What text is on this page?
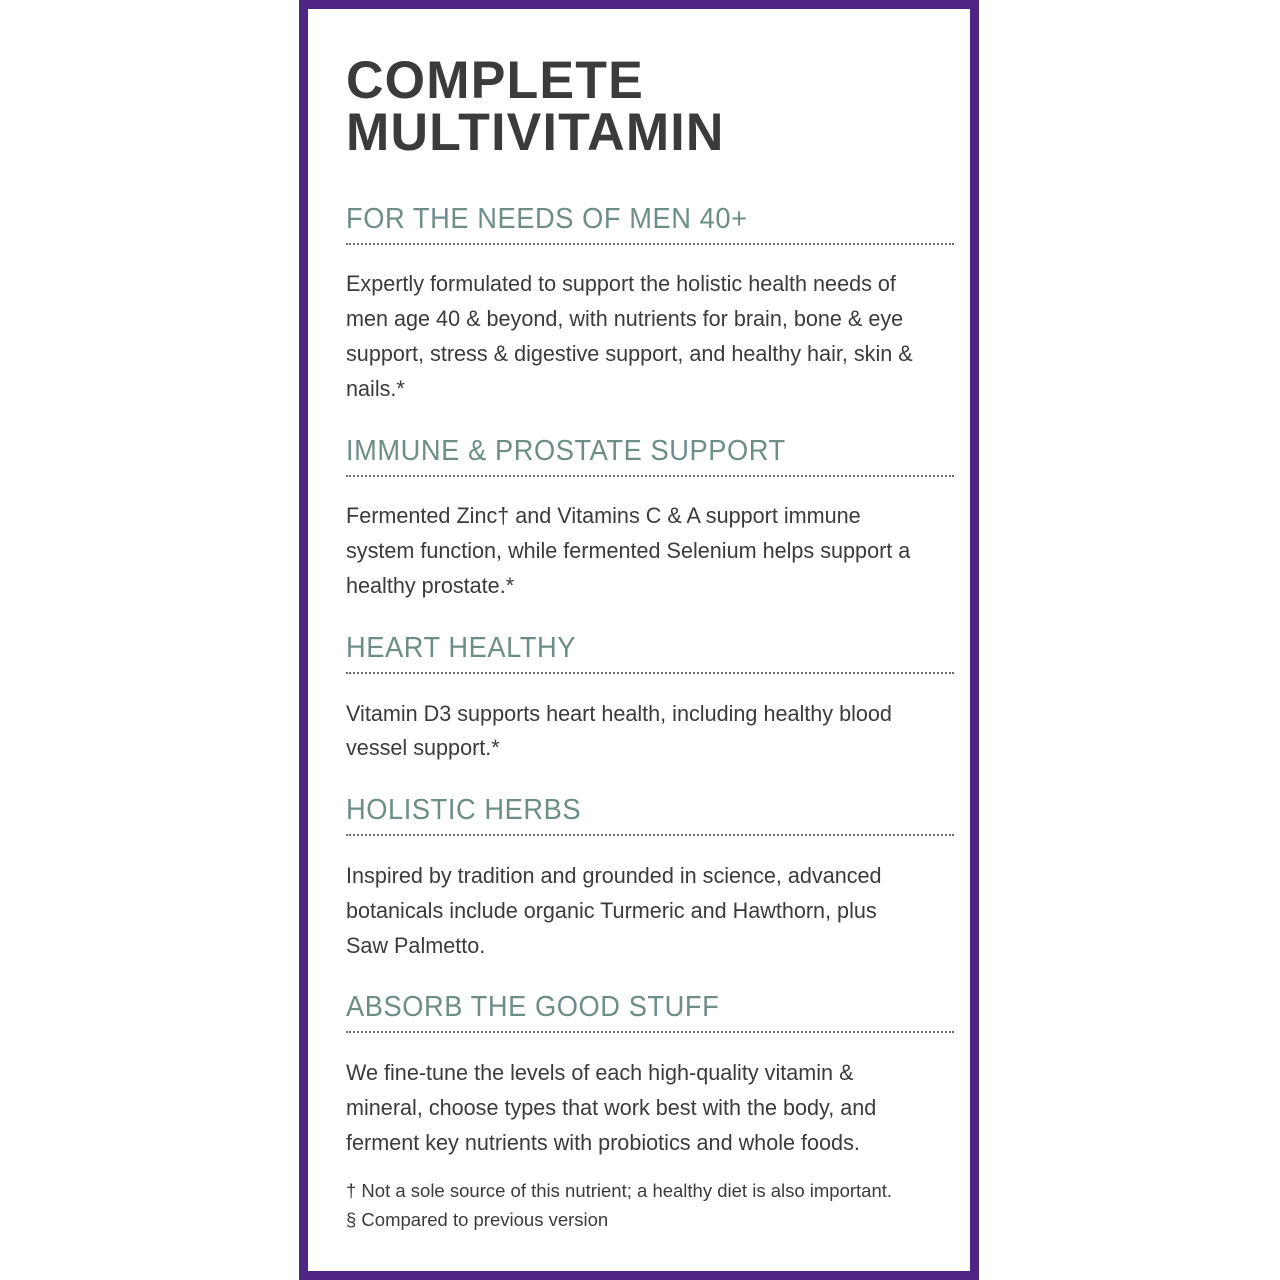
COMPLETE
MULTIVITAMIN
FOR THE NEEDS OF MEN 40+

Expertly formulated to support the holistic health needs of men age 40 & beyond, with nutrients for brain, bone & eye support, stress & digestive support, and healthy hair, skin & nails.*

IMMUNE & PROSTATE SUPPORT

Fermented Zinc† and Vitamins C & A support immune system function, while fermented Selenium helps support a healthy prostate.*

HEART HEALTHY

Vitamin D3 supports heart health, including healthy blood vessel support.*

HOLISTIC HERBS

Inspired by tradition and grounded in science, advanced botanicals include organic Turmeric and Hawthorn, plus Saw Palmetto.

ABSORB THE GOOD STUFF

We fine-tune the levels of each high-quality vitamin & mineral, choose types that work best with the body, and ferment key nutrients with probiotics and whole foods.

† Not a sole source of this nutrient; a healthy diet is also important.
§ Compared to previous version
